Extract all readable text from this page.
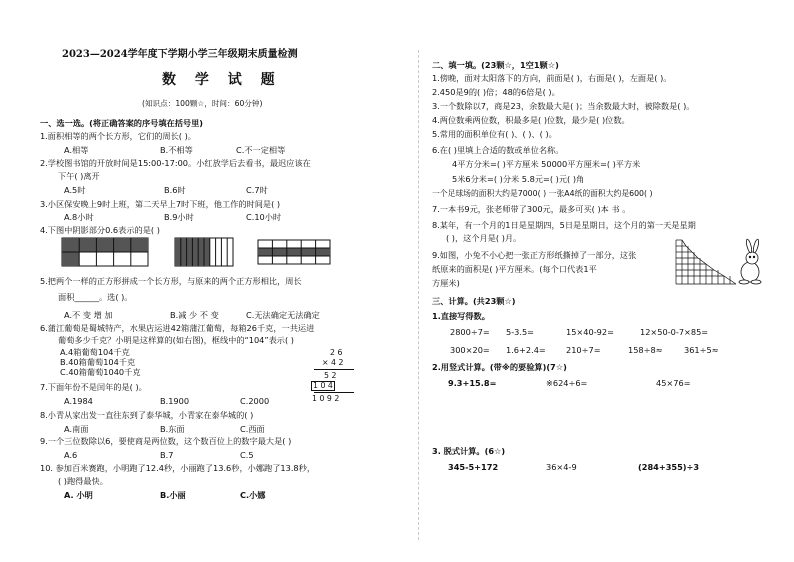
2023—2024学年度下学期小学三年级期末质量检测
数 学 试 题
(知识点：100颗☆，时间：60分钟)
一、选一选。(将正确答案的序号填在括号里)
1.面积相等的两个长方形，它们的周长( )。
A.相等	B.不相等	C.不一定相等
2.学校图书馆的开放时间是15:00-17:00。小红放学后去看书，最迟应该在
下午( )离开
A.5时	B.6时	C.7时
3.小区保安晚上9时上班，第二天早上7时下班，他工作的时间是( )
A.8小时	B.9小时	C.10小时
4.下图中阴影部分0.6表示的是( )
5.把两个一样的正方形拼成一个长方形，与原来的两个正方形相比，周长
面积______。选( )。
A.不 变 增 加	B.减 少 不 变	C.无法确定无法确定
6.蒲江葡萄是蜀城特产，水果店运进42箱蒲江葡萄，每箱26千克，一共运进
葡萄多少千克？小明是这样算的(如右图)，框线中的“104”表示( )
A.4箱葡萄104千克
B.40箱葡萄104千克
C.40箱葡萄1040千克
2 6
× 4 2
5 2
1 0 4
1 0 9 2
7.下面年份不是闰年的是( )。
A.1984	B.1900	C.2000
8.小青从家出发一直往东到了泰华城，小青家在泰华城的( )
A.南面	B.东面	C.西面
9.一个三位数除以6，要使商是两位数，这个数百位上的数字最大是( )
A.6	B.7	C.5
10. 参加百米赛跑，小明跑了12.4秒，小丽跑了13.6秒，小娜跑了13.8秒，
( )跑得最快。
A. 小明	B.小丽	C.小娜
二、填一填。(23颗☆，1空1颗☆)
1.傍晚，面对太阳落下的方向，前面是( )，右面是( )，左面是( )。
2.450是9的( )倍；48的6倍是( )。
3.一个数除以7，商是23，余数最大是( )；当余数最大时，被除数是( )。
4.两位数乘两位数，积最多是( )位数，最少是( )位数。
5.常用的面积单位有( )、( )、( )。
6.在( )里填上合适的数或单位名称。
4平方分米=( )平方厘米 50000平方厘米=( )平方米
5米6分米=( )分米 5.8元=( )元( )角
一个足球场的面积大约是7000( ) 一张A4纸的面积大约是600( )
7.一本书9元，张老师带了300元，最多可买( )本 书 。
8.某年，有一个月的1日是星期四，5日是星期日，这个月的第一天是星期
( )，这个月是( )月。
9.如图，小兔不小心把一张正方形纸撕掉了一部分，这张
纸原来的面积是( )平方厘米。(每个口代表1平
方厘米)
三、计算。(共23颗☆)
1.直接写得数。
2800÷7= 5-3.5=	15×40-92=	12×50-0-7×85=
300×20= 1.6+2.4= 210÷7=	158÷8≈	361÷5≈
2.用竖式计算。(带※的要验算)(7☆)
9.3+15.8=	※624÷6=	45×76=
3. 脱式计算。(6☆)
345-5+172	36×4-9	(284+355)÷3
